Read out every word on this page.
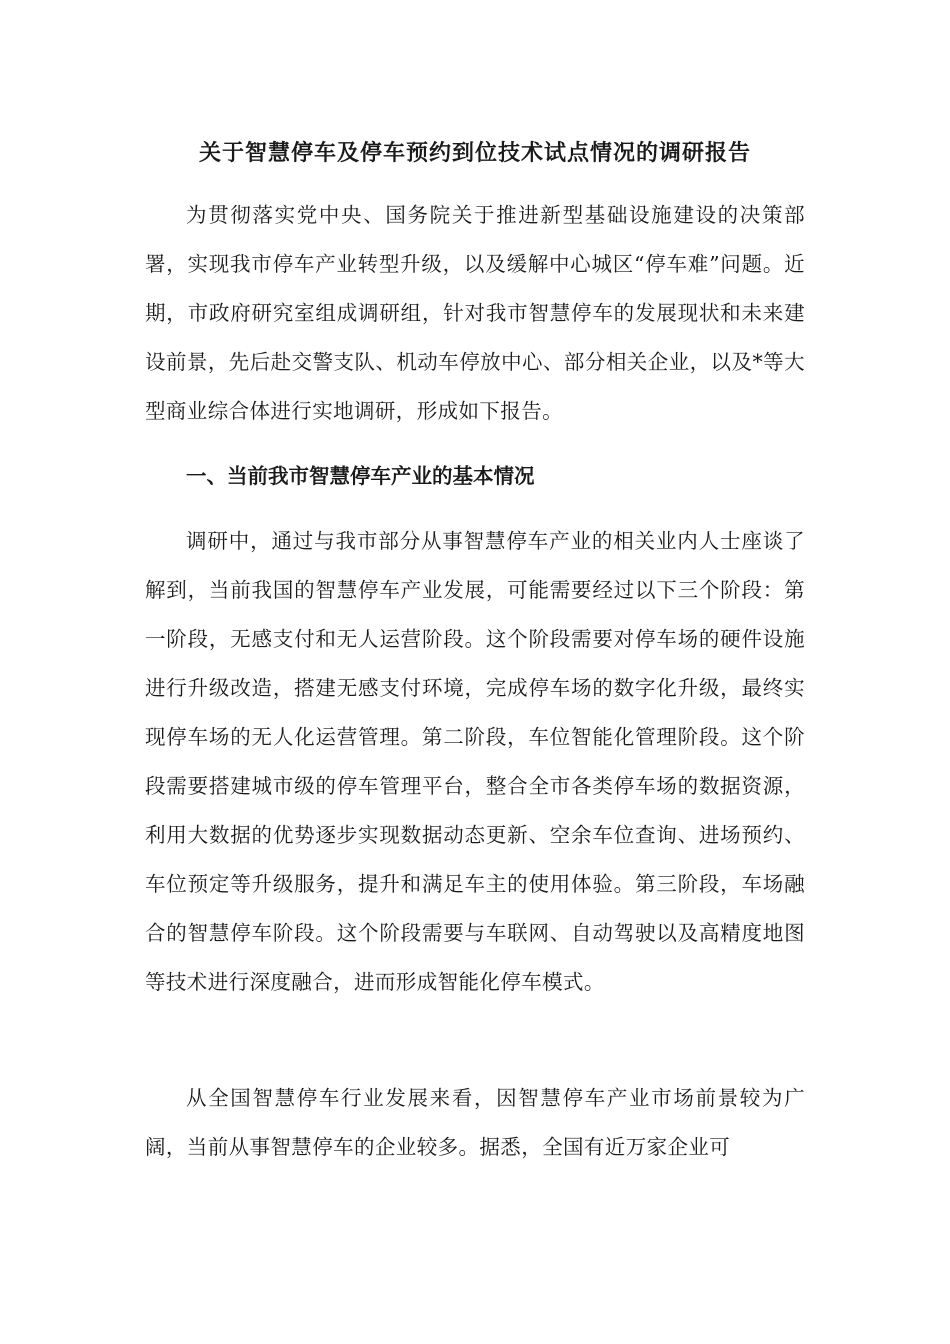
关于智慧停车及停车预约到位技术试点情况的调研报告

为贯彻落实党中央、国务院关于推进新型基础设施建设的决策部署，实现我市停车产业转型升级，以及缓解中心城区“停车难”问题。近期，市政府研究室组成调研组，针对我市智慧停车的发展现状和未来建设前景，先后赴交警支队、机动车停放中心、部分相关企业，以及*等大型商业综合体进行实地调研，形成如下报告。

一、当前我市智慧停车产业的基本情况

调研中，通过与我市部分从事智慧停车产业的相关业内人士座谈了解到，当前我国的智慧停车产业发展，可能需要经过以下三个阶段：第一阶段，无感支付和无人运营阶段。这个阶段需要对停车场的硬件设施进行升级改造，搭建无感支付环境，完成停车场的数字化升级，最终实现停车场的无人化运营管理。第二阶段，车位智能化管理阶段。这个阶段需要搭建城市级的停车管理平台，整合全市各类停车场的数据资源，利用大数据的优势逐步实现数据动态更新、空余车位查询、进场预约、车位预定等升级服务，提升和满足车主的使用体验。第三阶段，车场融合的智慧停车阶段。这个阶段需要与车联网、自动驾驶以及高精度地图等技术进行深度融合，进而形成智能化停车模式。

从全国智慧停车行业发展来看，因智慧停车产业市场前景较为广阔，当前从事智慧停车的企业较多。据悉，全国有近万家企业可
